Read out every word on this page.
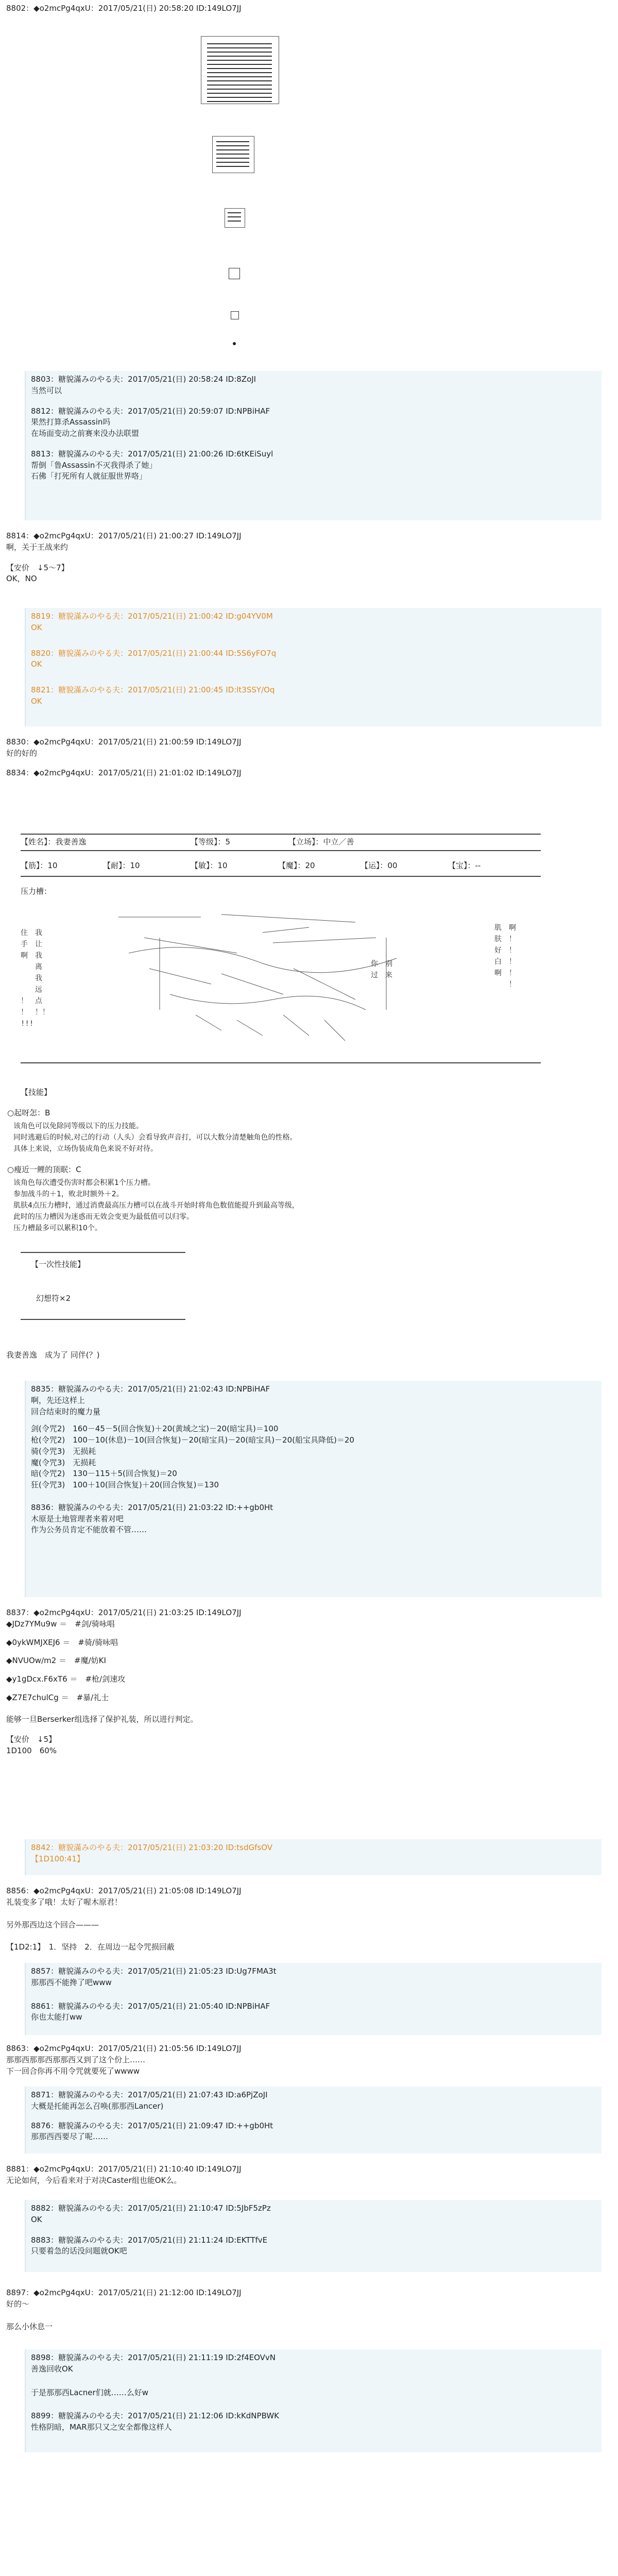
8802：◆o2mcPg4qxU：2017/05/21(日) 20:58:20 ID:149LO7JJ
8803：糖貌滿みのやる夫：2017/05/21(日) 20:58:24 ID:8ZoJI
当然可以
8812：糖貌滿みのやる夫：2017/05/21(日) 20:59:07 ID:NPBiHAF
果然打算杀Assassin吗
在场面变动之前赛来没办法联盟
8813：糖貌滿みのやる夫：2017/05/21(日) 21:00:26 ID:6tKEiSuyl
帮倒「鲁Assassin不灭我得杀了她」
石佛「打死所有人就征服世界咯」
8814：◆o2mcPg4qxU：2017/05/21(日) 21:00:27 ID:149LO7JJ
啊，关于王战来约
【安价　↓5～7】
OK，NO
8819：糖貌滿みのやる夫：2017/05/21(日) 21:00:42 ID:g04YV0M
OK
8820：糖貌滿みのやる夫：2017/05/21(日) 21:00:44 ID:5S6yFO7q
OK
8821：糖貌滿みのやる夫：2017/05/21(日) 21:00:45 ID:lt3SSY/Oq
OK
8830：◆o2mcPg4qxU：2017/05/21(日) 21:00:59 ID:149LO7JJ
好的好的
8834：◆o2mcPg4qxU：2017/05/21(日) 21:01:02 ID:149LO7JJ
【姓名】：我妻善逸	【等级】：5	【立场】：中立／善
【筋】：10	【耐】：10	【敏】：10	【魔】：20	【运】：00	【宝】：--
压力槽：
住　我
手　让
啊　我
　　离
　　我
　　远
！　点
！　！！
!!!
你　别
过　来
肌　啊
肤　！
好　！
白　！
啊　！
　　！
【技能】
○起呀怎：B
该角色可以免除同等级以下的压力技能。
同时逃避后的时候,对己的行动（人头）会看导致声音打，可以大数分清楚触角色的性格。
具体上来说，立场伪装成角色来说不好对待。
○瘦近一鲤的顶眠：C
该角色每次遭受伤害时都会积累1个压力槽。
参加战斗的＋1，败北时额外＋2。
肌肤4点压力槽时，通过消费最高压力槽可以在战斗开始时将角色数值能提升到最高等级，
此时的压力槽因为迷惑而无效会变更为最低值可以归零。
压力槽最多可以累积10个。
【一次性技能】
幻想符×2
我妻善逸　成为了 同伴(？)
8835：糖貌滿みのやる夫：2017/05/21(日) 21:02:43 ID:NPBiHAF
啊，先还这样上
回合结束时的魔力量
剑(令咒2)　160－45－5(回合恢复)＋20(黄域之宝)－20(暗宝具)＝100
枪(令咒2)　100－10(休息)－10(回合恢复)－20(暗宝具)－20(暗宝具)－20(船宝具降低)＝20
骑(令咒3)　无损耗
魔(令咒3)　无损耗
暗(令咒2)　130－115＋5(回合恢复)＝20
狂(令咒3)　100＋10(回合恢复)＋20(回合恢复)＝130
8836：糖貌滿みのやる夫：2017/05/21(日) 21:03:22 ID:++gb0Ht
木原是土地管理者来着对吧
作为公务员肯定不能放着不管……
8837：◆o2mcPg4qxU：2017/05/21(日) 21:03:25 ID:149LO7JJ
◆JDz7YMu9w ＝　#剑/骑咏唱
◆0ykWMJXEJ6 ＝　#骑/骑咏唱
◆NVUOw/m2 ＝　#魔/妨KI
◆y1gDcx.F6xT6 ＝　#枪/剑速攻
◆Z7E7chulCg ＝　#暴/礼士
能够一旦Berserker组选择了保护礼装，所以进行判定。
【安价　↓5】
1D100　60%
8842：糖貌滿みのやる夫：2017/05/21(日) 21:03:20 ID:tsdGfsOV
【1D100:41】
8856：◆o2mcPg4qxU：2017/05/21(日) 21:05:08 ID:149LO7JJ
礼装变多了哦！太好了喔木原君！
另外那西边这个回合———
【1D2:1】　1．坚持　2．在周边一起令咒损回蔽
8857：糖貌滿みのやる夫：2017/05/21(日) 21:05:23 ID:Ug7FMA3t
那那西不能搀了吧www
8861：糖貌滿みのやる夫：2017/05/21(日) 21:05:40 ID:NPBiHAF
你也太能打ww
8863：◆o2mcPg4qxU：2017/05/21(日) 21:05:56 ID:149LO7JJ
那那西那那西那那西又到了这个份上……
下一回合你再不用令咒就要死了wwww
8871：糖貌滿みのやる夫：2017/05/21(日) 21:07:43 ID:a6PjZoJI
大概是托能再怎么召唤(那那西Lancer)
8876：糖貌滿みのやる夫：2017/05/21(日) 21:09:47 ID:++gb0Ht
那那西西要尽了呢……
8881：◆o2mcPg4qxU：2017/05/21(日) 21:10:40 ID:149LO7JJ
无论如何，今后看来对于对决Caster组也能OK么。
8882：糖貌滿みのやる夫：2017/05/21(日) 21:10:47 ID:5JbF5zPz
OK
8883：糖貌滿みのやる夫：2017/05/21(日) 21:11:24 ID:EKTTfvE
只要着急的话没问题就OK吧
8897：◆o2mcPg4qxU：2017/05/21(日) 21:12:00 ID:149LO7JJ
好的～
那么小休息一
8898：糖貌滿みのやる夫：2017/05/21(日) 21:11:19 ID:2f4EOVvN
善逸回收OK
于是那那西Lacner们就……么好w
8899：糖貌滿みのやる夫：2017/05/21(日) 21:12:06 ID:kKdNPBWK
性格阴暗，MAR那只又之安全都像这样人
